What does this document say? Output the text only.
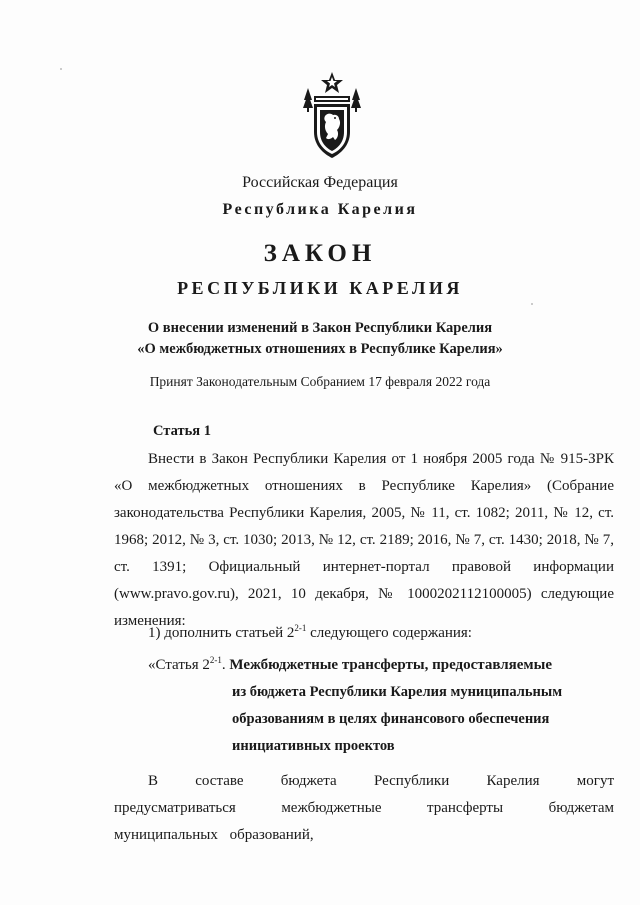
Российская Федерация
Республика Карелия
ЗАКОН
РЕСПУБЛИКИ КАРЕЛИЯ
О внесении изменений в Закон Республики Карелия
«О межбюджетных отношениях в Республике Карелия»
Принят Законодательным Собранием 17 февраля 2022 года
Статья 1
Внести в Закон Республики Карелия от 1 ноября 2005 года № 915-ЗРК «О межбюджетных отношениях в Республике Карелия» (Собрание законодательства Республики Карелия, 2005, № 11, ст. 1082; 2011, № 12, ст. 1968; 2012, № 3, ст. 1030; 2013, № 12, ст. 2189; 2016, № 7, ст. 1430; 2018, № 7, ст. 1391; Официальный интернет-портал правовой информации (www.pravo.gov.ru), 2021, 10 декабря, № 1000202112100005) следующие изменения:
1) дополнить статьей 2$^{2-1}$ следующего содержания:
«Статья 2$^{2-1}$. Межбюджетные трансферты, предоставляемые
из бюджета Республики Карелия муниципальным
образованиям в целях финансового обеспечения
инициативных проектов
В составе бюджета Республики Карелия могут предусматриваться межбюджетные трансферты бюджетам муниципальных образований,
